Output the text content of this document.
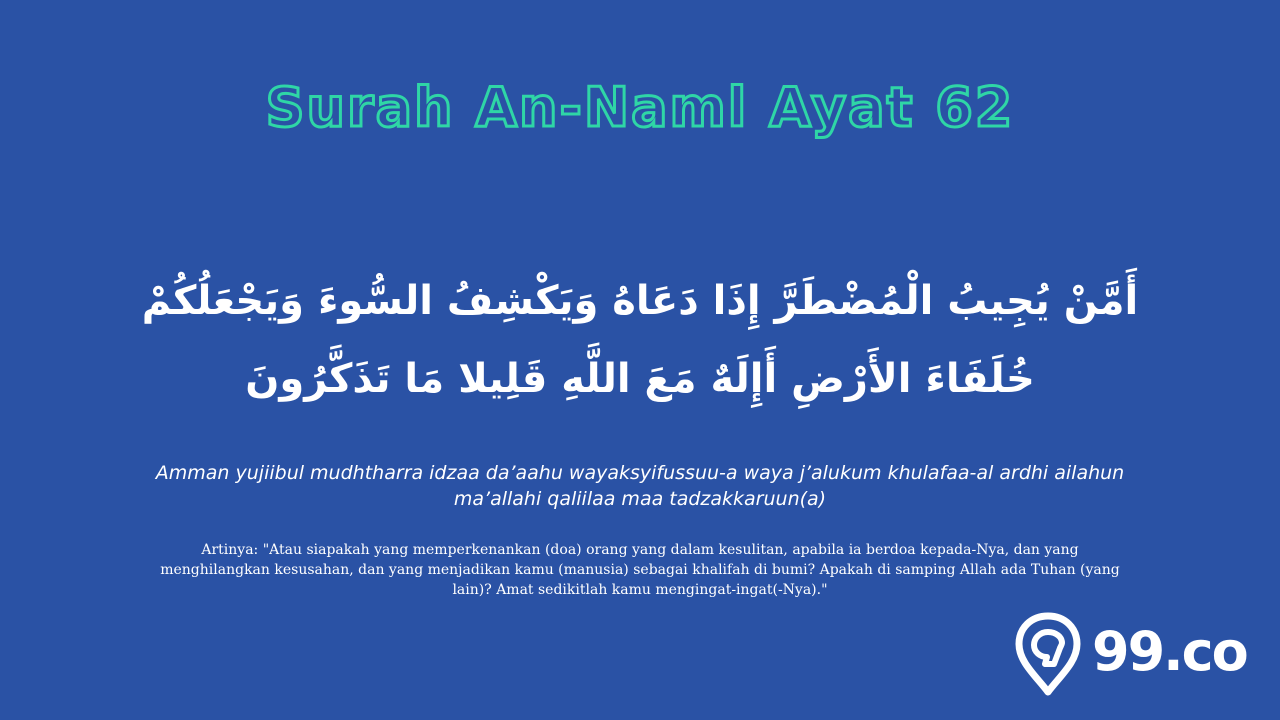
Surah An-Naml Ayat 62
أَمَّنْ يُجِيبُ الْمُضْطَرَّ إِذَا دَعَاهُ وَيَكْشِفُ السُّوءَ وَيَجْعَلُكُمْ خُلَفَاءَ الأَرْضِ أَإِلَهٌ مَعَ اللَّهِ قَلِيلا مَا تَذَكَّرُونَ
Amman yujiibul mudhtharra idzaa da’aahu wayaksyifussuu-a waya j’alukum khulafaa-al ardhi ailahun ma’allahi qaliilaa maa tadzakkaruun(a)
Artinya: "Atau siapakah yang memperkenankan (doa) orang yang dalam kesulitan, apabila ia berdoa kepada-Nya, dan yang menghilangkan kesusahan, dan yang menjadikan kamu (manusia) sebagai khalifah di bumi? Apakah di samping Allah ada Tuhan (yang lain)? Amat sedikitlah kamu mengingat-ingat(-Nya)."
99.co
